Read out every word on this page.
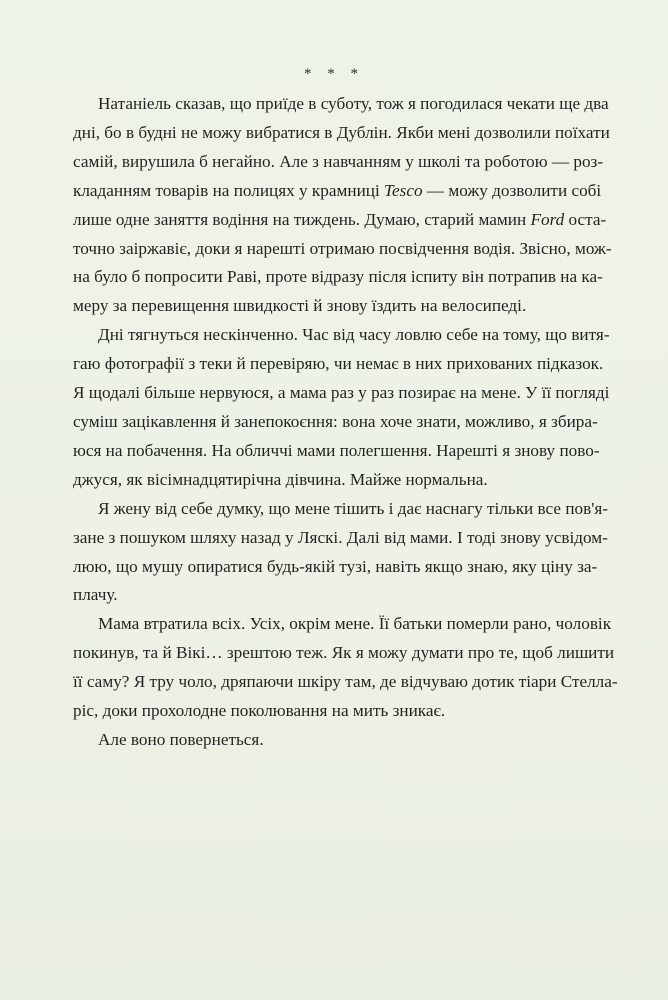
* * *

Натаніель сказав, що приїде в суботу, тож я погодилася чекати ще два
дні, бо в будні не можу вибратися в Дублін. Якби мені дозволили поїхати
самій, вирушила б негайно. Але з навчанням у школі та роботою — роз-
кладанням товарів на полицях у крамниці Tesco — можу дозволити собі
лише одне заняття водіння на тиждень. Думаю, старий мамин Ford оста-
точно заіржавіє, доки я нарешті отримаю посвідчення водія. Звісно, мож-
на було б попросити Раві, проте відразу після іспиту він потрапив на ка-
меру за перевищення швидкості й знову їздить на велосипеді.

Дні тягнуться нескінченно. Час від часу ловлю себе на тому, що витя-
гаю фотографії з теки й перевіряю, чи немає в них прихованих підказок.
Я щодалі більше нервуюся, а мама раз у раз позирає на мене. У її погляді
суміш зацікавлення й занепокоєння: вона хоче знати, можливо, я збира-
юся на побачення. На обличчі мами полегшення. Нарешті я знову пово-
джуся, як вісімнадцятирічна дівчина. Майже нормальна.

Я жену від себе думку, що мене тішить і дає наснагу тільки все пов'я-
зане з пошуком шляху назад у Ляскі. Далі від мами. І тоді знову усвідом-
люю, що мушу опиратися будь-якій тузі, навіть якщо знаю, яку ціну за-
плачу.

Мама втратила всіх. Усіх, окрім мене. Її батьки померли рано, чоловік
покинув, та й Вікі… зрештою теж. Як я можу думати про те, щоб лишити
її саму? Я тру чоло, дряпаючи шкіру там, де відчуваю дотик тіари Стелла-
ріс, доки прохолодне поколювання на мить зникає.

Але воно повернеться.
